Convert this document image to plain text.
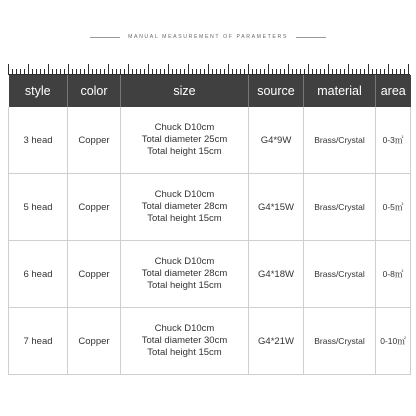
MANUAL MEASUREMENT OF PARAMETERS
style	color	size	source	material	area
3 head	Copper	Chuck D10cm
Total diameter 25cm
Total height 15cm	G4*9W	Brass/Crystal	0-3㎡
5 head	Copper	Chuck D10cm
Total diameter 28cm
Total height 15cm	G4*15W	Brass/Crystal	0-5㎡
6 head	Copper	Chuck D10cm
Total diameter 28cm
Total height 15cm	G4*18W	Brass/Crystal	0-8㎡
7 head	Copper	Chuck D10cm
Total diameter 30cm
Total height 15cm	G4*21W	Brass/Crystal	0-10㎡
